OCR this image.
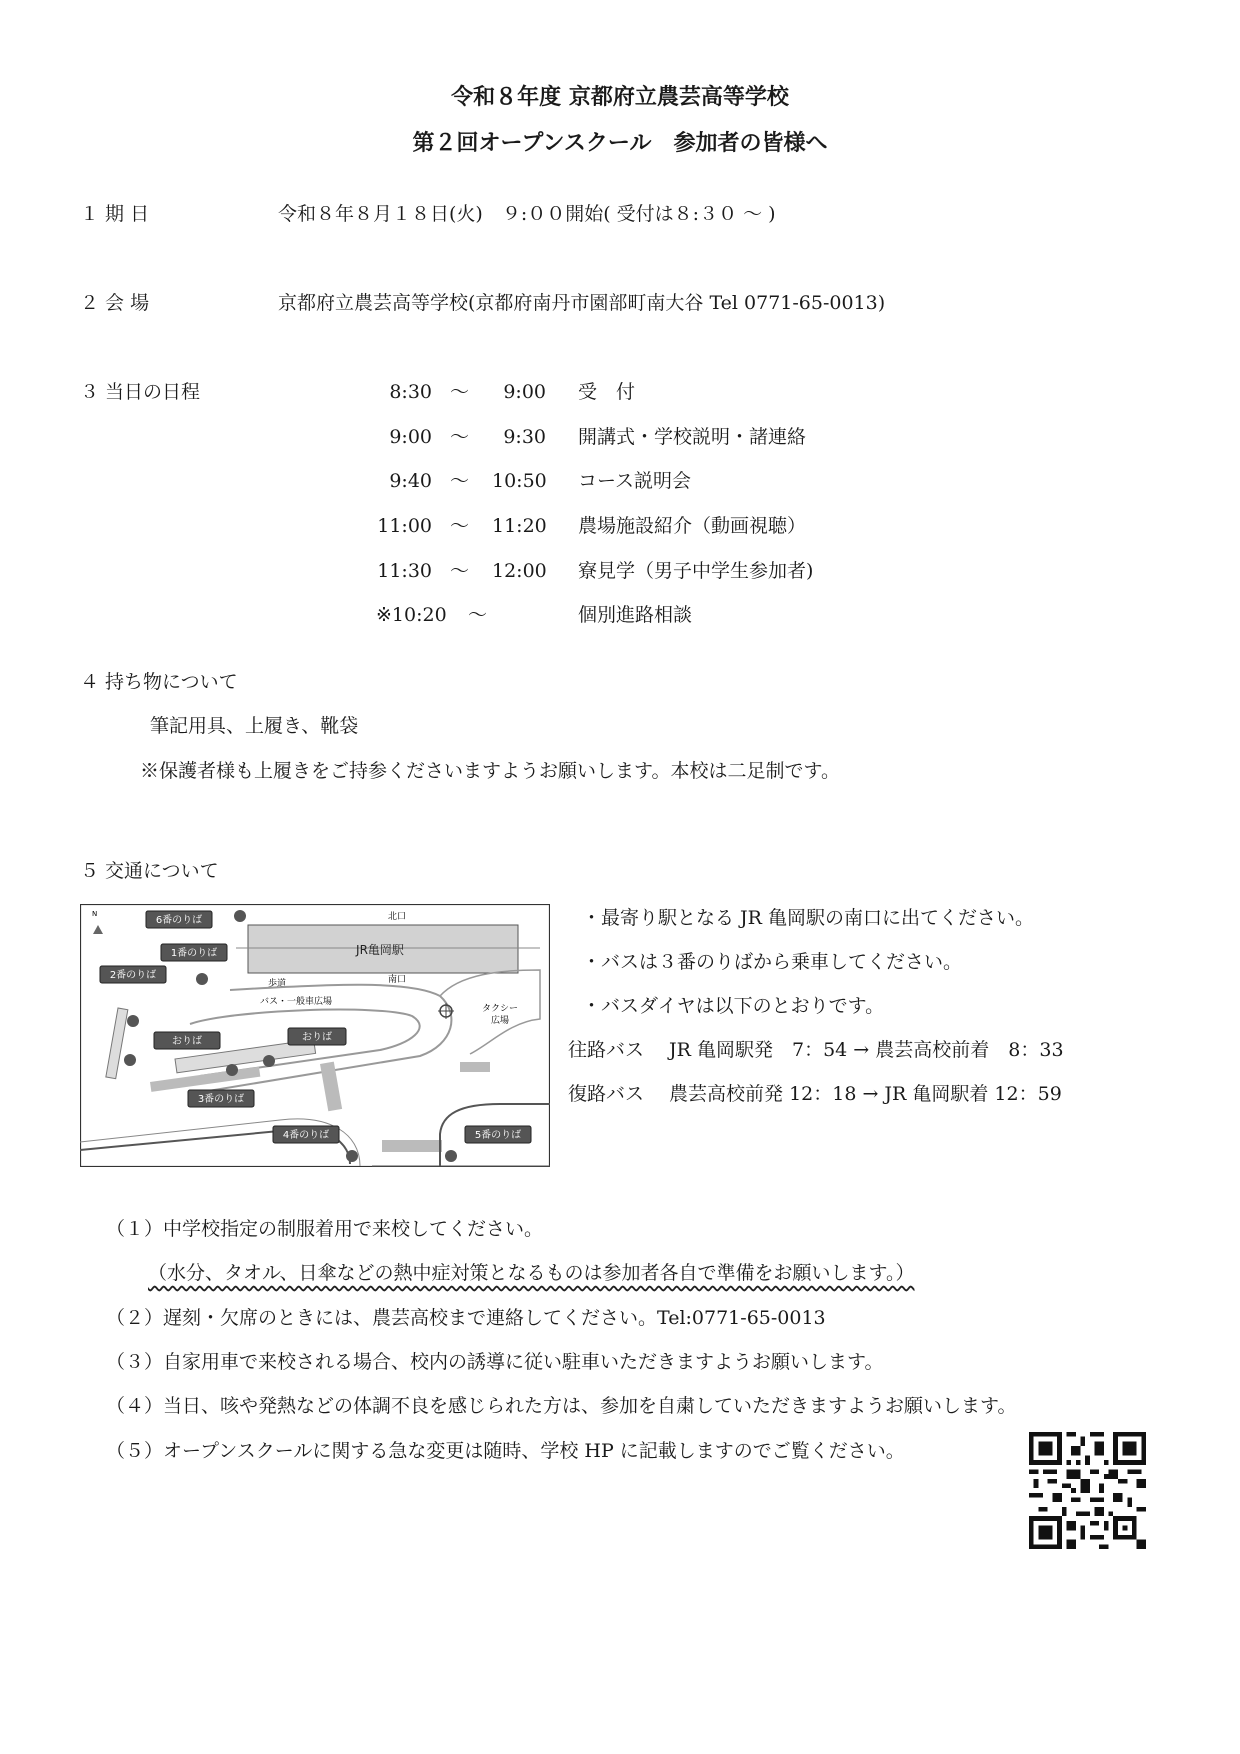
令和８年度 京都府立農芸高等学校
第２回オープンスクール　参加者の皆様へ
１ 期 日	令和８年８月１８日(火)　９:００開始( 受付は８:３０ ～ )
２ 会 場	京都府立農芸高等学校(京都府南丹市園部町南大谷 Tel 0771-65-0013)
３ 当日の日程	8:30 ～	9:00 受　付
9:00 ～	9:30 開講式・学校説明・諸連絡
9:40 ～ 10:50 コース説明会
11:00 ～ 11:20 農場施設紹介（動画視聴）
11:30 ～ 12:00 寮見学（男子中学生参加者)
※10:20 ～	個別進路相談
４ 持ち物について
筆記用具、上履き、靴袋
※保護者様も上履きをご持参くださいますようお願いします。本校は二足制です。
５ 交通について
北口
JR亀岡駅
南口
歩道
N
バス・一般車広場
タクシー
広場
6番のりば
1番のりば
2番のりば
おりば	おりば
3番のりば
4番のりば	5番のりば
・最寄り駅となる JR 亀岡駅の南口に出てください。
・バスは３番のりばから乗車してください。
・バスダイヤは以下のとおりです。
往路バス　 JR 亀岡駅発　7：54 → 農芸高校前着　8：33
復路バス　 農芸高校前発 12：18 → JR 亀岡駅着 12：59
（１）中学校指定の制服着用で来校してください。
（水分、タオル、日傘などの熱中症対策となるものは参加者各自で準備をお願いします。）
（２）遅刻・欠席のときには、農芸高校まで連絡してください。Tel:0771-65-0013
（３）自家用車で来校される場合、校内の誘導に従い駐車いただきますようお願いします。
（４）当日、咳や発熱などの体調不良を感じられた方は、参加を自粛していただきますようお願いします。
（５）オープンスクールに関する急な変更は随時、学校 HP に記載しますのでご覧ください。
